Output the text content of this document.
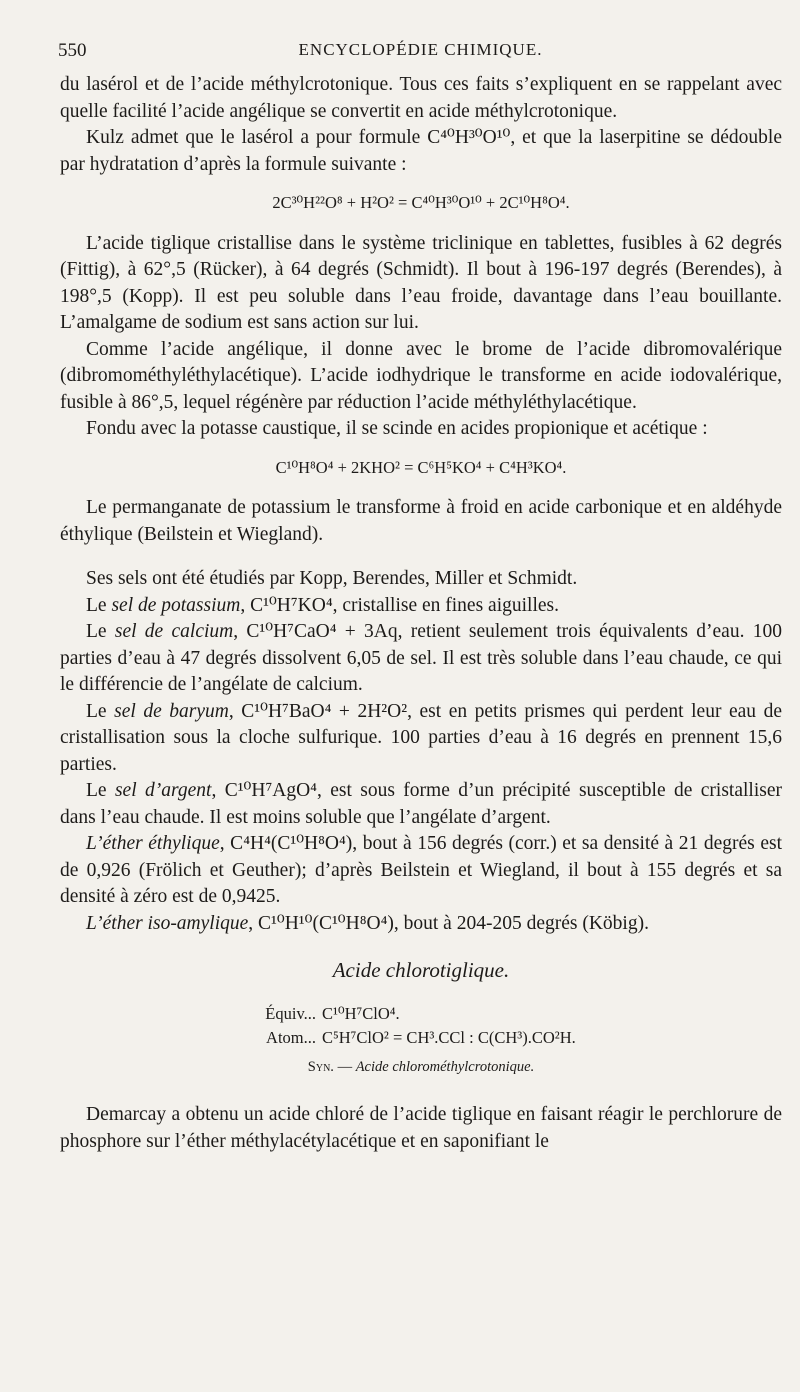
550	ENCYCLOPÉDIE CHIMIQUE.

du lasérol et de l’acide méthylcrotonique. Tous ces faits s’expliquent en se rappelant avec quelle facilité l’acide angélique se convertit en acide méthylcrotonique.

Kulz admet que le lasérol a pour formule C⁴⁰H³⁰O¹⁰, et que la laserpitine se dédouble par hydratation d’après la formule suivante :

2C³⁰H²²O⁸ + H²O² = C⁴⁰H³⁰O¹⁰ + 2C¹⁰H⁸O⁴.

L’acide tiglique cristallise dans le système triclinique en tablettes, fusibles à 62 degrés (Fittig), à 62°,5 (Rücker), à 64 degrés (Schmidt). Il bout à 196-197 degrés (Berendes), à 198°,5 (Kopp). Il est peu soluble dans l’eau froide, davantage dans l’eau bouillante. L’amalgame de sodium est sans action sur lui.

Comme l’acide angélique, il donne avec le brome de l’acide dibromovalérique (dibromométhyléthylacétique). L’acide iodhydrique le transforme en acide iodovalérique, fusible à 86°,5, lequel régénère par réduction l’acide méthyléthylacétique.

Fondu avec la potasse caustique, il se scinde en acides propionique et acétique :

C¹⁰H⁸O⁴ + 2KHO² = C⁶H⁵KO⁴ + C⁴H³KO⁴.

Le permanganate de potassium le transforme à froid en acide carbonique et en aldéhyde éthylique (Beilstein et Wiegland).

Ses sels ont été étudiés par Kopp, Berendes, Miller et Schmidt.

Le sel de potassium, C¹⁰H⁷KO⁴, cristallise en fines aiguilles.

Le sel de calcium, C¹⁰H⁷CaO⁴ + 3Aq, retient seulement trois équivalents d’eau. 100 parties d’eau à 47 degrés dissolvent 6,05 de sel. Il est très soluble dans l’eau chaude, ce qui le différencie de l’angélate de calcium.

Le sel de baryum, C¹⁰H⁷BaO⁴ + 2H²O², est en petits prismes qui perdent leur eau de cristallisation sous la cloche sulfurique. 100 parties d’eau à 16 degrés en prennent 15,6 parties.

Le sel d’argent, C¹⁰H⁷AgO⁴, est sous forme d’un précipité susceptible de cristalliser dans l’eau chaude. Il est moins soluble que l’angélate d’argent.

L’éther éthylique, C⁴H⁴(C¹⁰H⁸O⁴), bout à 156 degrés (corr.) et sa densité à 21 degrés est de 0,926 (Frölich et Geuther); d’après Beilstein et Wiegland, il bout à 155 degrés et sa densité à zéro est de 0,9425.

L’éther iso-amylique, C¹⁰H¹⁰(C¹⁰H⁸O⁴), bout à 204-205 degrés (Köbig).

Acide chlorotiglique.
Équiv... C¹⁰H⁷ClO⁴.
Atom... C⁵H⁷ClO² = CH³.CCl : C(CH³).CO²H.
Syn. — Acide chlorométhylcrotonique.

Demarcay a obtenu un acide chloré de l’acide tiglique en faisant réagir le perchlorure de phosphore sur l’éther méthylacétylacétique et en saponifiant le
